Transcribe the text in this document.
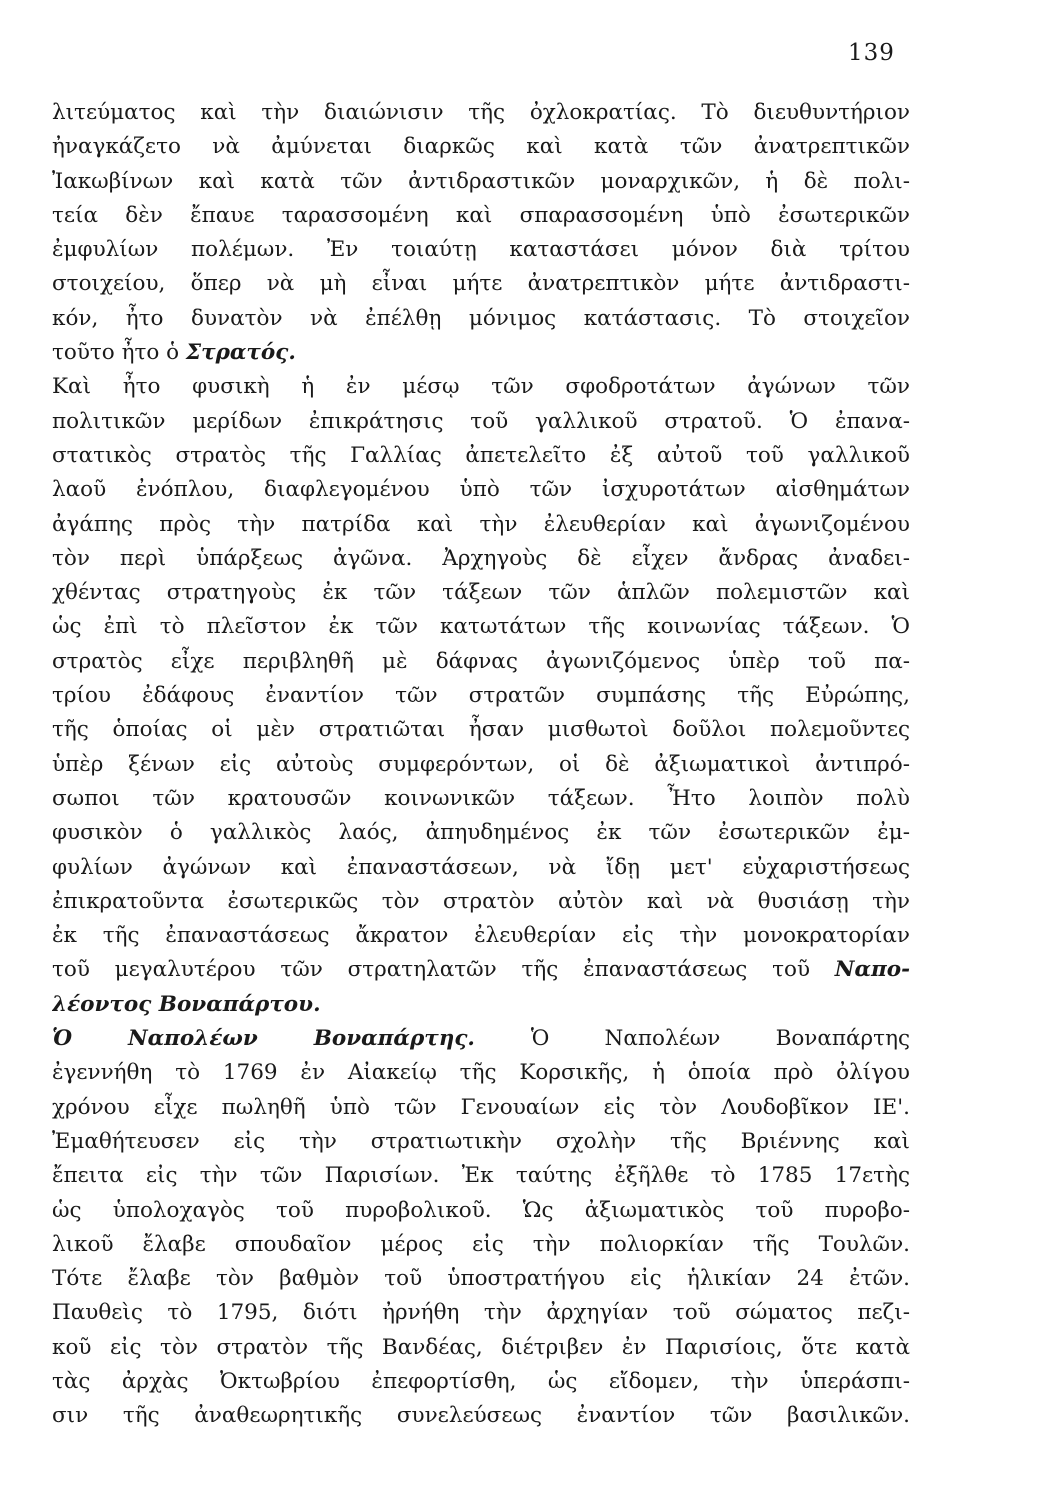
139
λιτεύματος καὶ τὴν διαιώνισιν τῆς ὀχλοκρατίας. Τὸ διευθυντήριον
ἠναγκάζετο νὰ ἀμύνεται διαρκῶς καὶ κατὰ τῶν ἀνατρεπτικῶν
Ἰακωβίνων καὶ κατὰ τῶν ἀντιδραστικῶν μοναρχικῶν, ἡ δὲ πολι-
τεία δὲν ἔπαυε ταρασσομένη καὶ σπαρασσομένη ὑπὸ ἐσωτερικῶν
ἐμφυλίων πολέμων. Ἐν τοιαύτῃ καταστάσει μόνον διὰ τρίτου
στοιχείου, ὅπερ νὰ μὴ εἶναι μήτε ἀνατρεπτικὸν μήτε ἀντιδραστι-
κόν, ἦτο δυνατὸν νὰ ἐπέλθῃ μόνιμος κατάστασις. Τὸ στοιχεῖον
τοῦτο ἦτο ὁ Στρατός.
Καὶ ἦτο φυσικὴ ἡ ἐν μέσῳ τῶν σφοδροτάτων ἀγώνων τῶν
πολιτικῶν μερίδων ἐπικράτησις τοῦ γαλλικοῦ στρατοῦ. Ὁ ἐπανα-
στατικὸς στρατὸς τῆς Γαλλίας ἀπετελεῖτο ἐξ αὐτοῦ τοῦ γαλλικοῦ
λαοῦ ἐνόπλου, διαφλεγομένου ὑπὸ τῶν ἰσχυροτάτων αἰσθημάτων
ἀγάπης πρὸς τὴν πατρίδα καὶ τὴν ἐλευθερίαν καὶ ἀγωνιζομένου
τὸν περὶ ὑπάρξεως ἀγῶνα. Ἀρχηγοὺς δὲ εἶχεν ἄνδρας ἀναδει-
χθέντας στρατηγοὺς ἐκ τῶν τάξεων τῶν ἁπλῶν πολεμιστῶν καὶ
ὡς ἐπὶ τὸ πλεῖστον ἐκ τῶν κατωτάτων τῆς κοινωνίας τάξεων. Ὁ
στρατὸς εἶχε περιβληθῆ μὲ δάφνας ἀγωνιζόμενος ὑπὲρ τοῦ πα-
τρίου ἐδάφους ἐναντίον τῶν στρατῶν συμπάσης τῆς Εὐρώπης,
τῆς ὁποίας οἱ μὲν στρατιῶται ἦσαν μισθωτοὶ δοῦλοι πολεμοῦντες
ὑπὲρ ξένων εἰς αὐτοὺς συμφερόντων, οἱ δὲ ἀξιωματικοὶ ἀντιπρό-
σωποι τῶν κρατουσῶν κοινωνικῶν τάξεων. Ἦτο λοιπὸν πολὺ
φυσικὸν ὁ γαλλικὸς λαός, ἀπηυδημένος ἐκ τῶν ἐσωτερικῶν ἐμ-
φυλίων ἀγώνων καὶ ἐπαναστάσεων, νὰ ἴδῃ μετ' εὐχαριστήσεως
ἐπικρατοῦντα ἐσωτερικῶς τὸν στρατὸν αὐτὸν καὶ νὰ θυσιάσῃ τὴν
ἐκ τῆς ἐπαναστάσεως ἄκρατον ἐλευθερίαν εἰς τὴν μονοκρατορίαν
τοῦ μεγαλυτέρου τῶν στρατηλατῶν τῆς ἐπαναστάσεως τοῦ Ναπο-
λέοντος Βοναπάρτου.
Ὁ Ναπολέων Βοναπάρτης. Ὁ Ναπολέων Βοναπάρτης
ἐγεννήθη τὸ 1769 ἐν Αἰακείῳ τῆς Κορσικῆς, ἡ ὁποία πρὸ ὀλίγου
χρόνου εἶχε πωληθῆ ὑπὸ τῶν Γενουαίων εἰς τὸν Λουδοβῖκον ΙΕ'.
Ἐμαθήτευσεν εἰς τὴν στρατιωτικὴν σχολὴν τῆς Βριέννης καὶ
ἔπειτα εἰς τὴν τῶν Παρισίων. Ἐκ ταύτης ἐξῆλθε τὸ 1785 17ετὴς
ὡς ὑπολοχαγὸς τοῦ πυροβολικοῦ. Ὡς ἀξιωματικὸς τοῦ πυροβο-
λικοῦ ἔλαβε σπουδαῖον μέρος εἰς τὴν πολιορκίαν τῆς Τουλῶν.
Τότε ἔλαβε τὸν βαθμὸν τοῦ ὑποστρατήγου εἰς ἡλικίαν 24 ἐτῶν.
Παυθεὶς τὸ 1795, διότι ἠρνήθη τὴν ἀρχηγίαν τοῦ σώματος πεζι-
κοῦ εἰς τὸν στρατὸν τῆς Βανδέας, διέτριβεν ἐν Παρισίοις, ὅτε κατὰ
τὰς ἀρχὰς Ὀκτωβρίου ἐπεφορτίσθη, ὡς εἴδομεν, τὴν ὑπεράσπι-
σιν τῆς ἀναθεωρητικῆς συνελεύσεως ἐναντίον τῶν βασιλικῶν.
